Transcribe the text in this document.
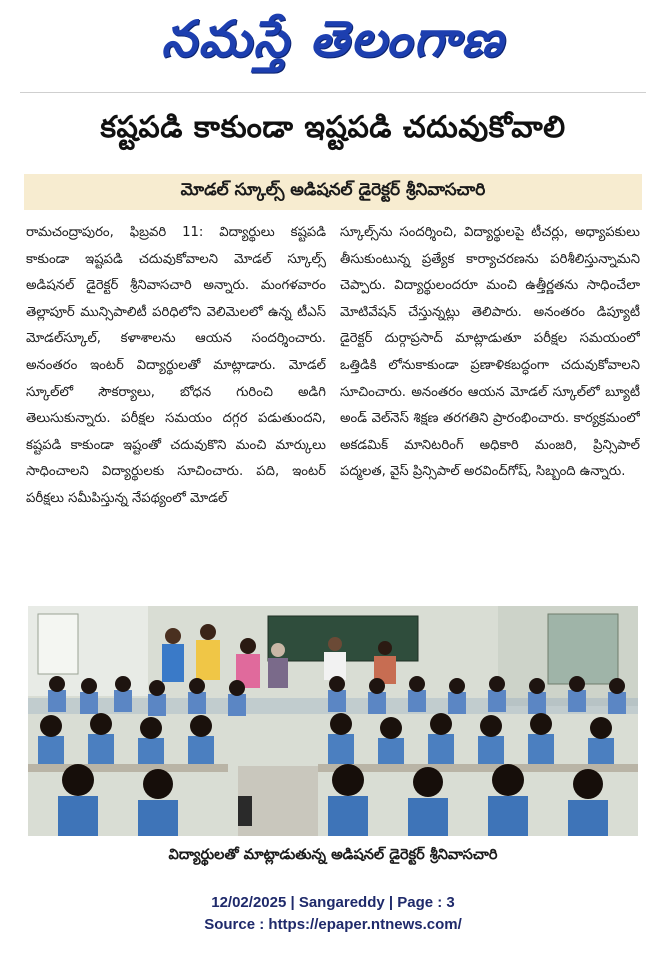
నమస్తే తెలంగాణ
కష్టపడి కాకుండా ఇష్టపడి చదువుకోవాలి
మోడల్ స్కూల్స్ అడిషనల్ డైరెక్టర్ శ్రీనివాసచారి

రామచంద్రాపురం, ఫిబ్రవరి 11: విద్యార్థులు కష్టపడి కాకుండా ఇష్టపడి చదువుకోవాలని మోడల్ స్కూల్స్ అడిషనల్ డైరెక్టర్ శ్రీనివాసచారి అన్నారు. మంగళవారం తెల్లాపూర్ మున్సిపాలిటీ పరిధిలోని వెలిమెలలో ఉన్న టీఎస్ మోడల్‌స్కూల్, కళాశాలను ఆయన సందర్శించారు. అనంతరం ఇంటర్ విద్యార్థులతో మాట్లాడారు. మోడల్ స్కూల్‌లో సౌకర్యాలు, బోధన గురించి అడిగి తెలుసుకున్నారు. పరీక్షల సమయం దగ్గర పడుతుందని, కష్టపడి కాకుండా ఇష్టంతో చదువుకొని మంచి మార్కులు సాధించాలని విద్యార్థులకు సూచించారు. పది, ఇంటర్ పరీక్షలు సమీపిస్తున్న నేపథ్యంలో మోడల్

స్కూల్స్‌ను సందర్శించి, విద్యార్థులపై టీచర్లు, అధ్యాపకులు తీసుకుంటున్న ప్రత్యేక కార్యాచరణను పరిశీలిస్తున్నామని చెప్పారు. విద్యార్థులందరూ మంచి ఉత్తీర్ణతను సాధించేలా మోటివేషన్ చేస్తున్నట్లు తెలిపారు. అనంతరం డిప్యూటీ డైరెక్టర్ దుర్గాప్రసాద్ మాట్లాడుతూ పరీక్షల సమయంలో ఒత్తిడికి లోనుకాకుండా ప్రణాళికబద్ధంగా చదువుకోవాలని సూచించారు. అనంతరం ఆయన మోడల్ స్కూల్‌లో బ్యూటీ అండ్ వెల్‌నెస్ శిక్షణ తరగతిని ప్రారంభించారు. కార్యక్రమంలో అకడమిక్ మానిటరింగ్ అధికారి మంజరి, ప్రిన్సిపాల్ పద్మలత, వైస్ ప్రిన్సిపాల్ అరవింద్‌గోష్, సిబ్బంది ఉన్నారు.

విద్యార్థులతో మాట్లాడుతున్న అడిషనల్ డైరెక్టర్ శ్రీనివాసచారి
12/02/2025 | Sangareddy | Page : 3
Source : https://epaper.ntnews.com/
